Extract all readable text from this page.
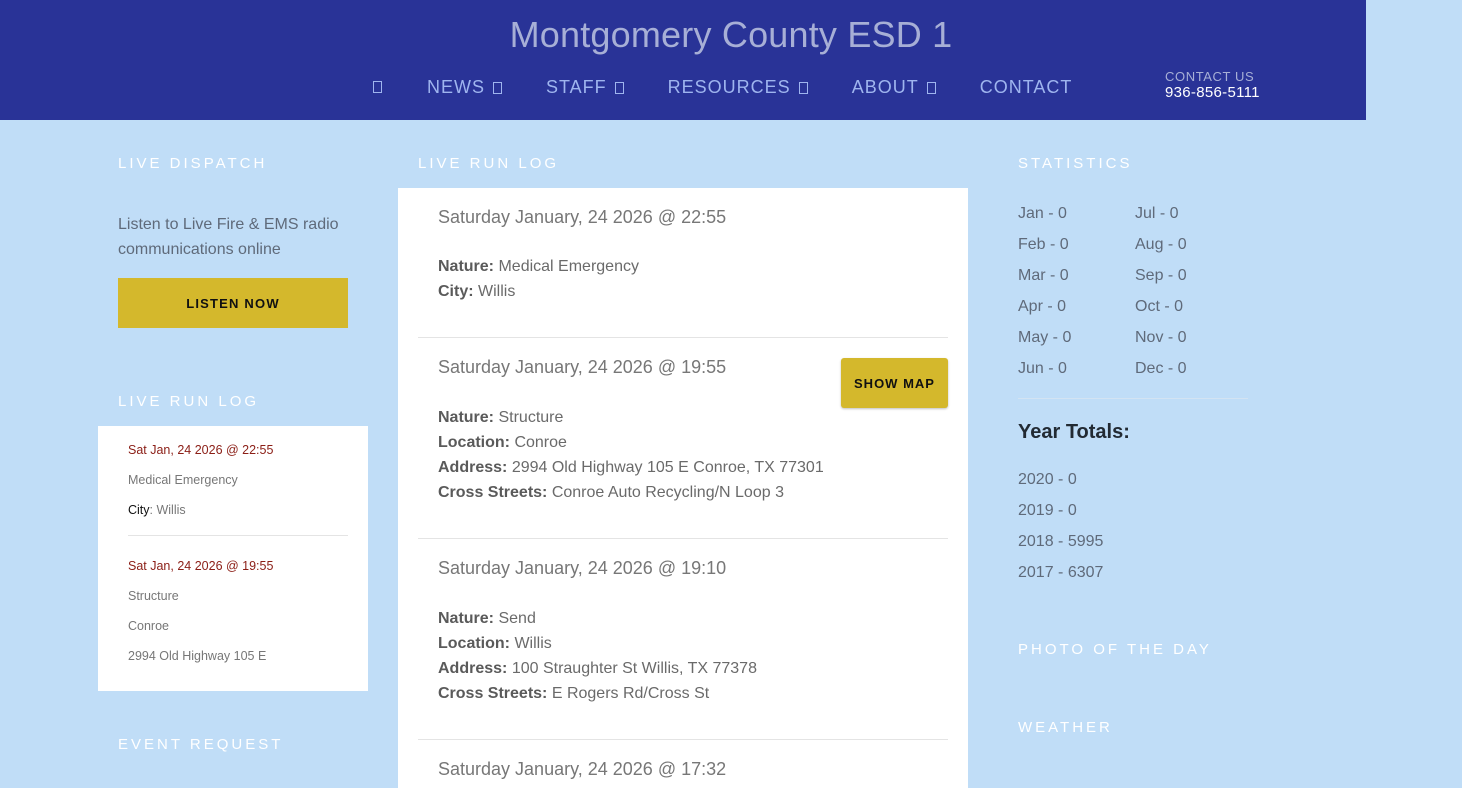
Montgomery County ESD 1
NEWS	STAFF	RESOURCES	ABOUT	CONTACT	CONTACT US
936-856-5111
LIVE DISPATCH
Listen to Live Fire & EMS radio communications online
LISTEN NOW
LIVE RUN LOG
Sat Jan, 24 2026 @ 22:55
Medical Emergency
City: Willis
Sat Jan, 24 2026 @ 19:55
Structure
Conroe
2994 Old Highway 105 E
EVENT REQUEST
LIVE RUN LOG
Saturday January, 24 2026 @ 22:55
Nature: Medical Emergency
City: Willis
Saturday January, 24 2026 @ 19:55
SHOW MAP
Nature: Structure
Location: Conroe
Address: 2994 Old Highway 105 E Conroe, TX 77301
Cross Streets: Conroe Auto Recycling/N Loop 3
Saturday January, 24 2026 @ 19:10
Nature: Send
Location: Willis
Address: 100 Straughter St Willis, TX 77378
Cross Streets: E Rogers Rd/Cross St
Saturday January, 24 2026 @ 17:32
STATISTICS
Jan - 0	Jul - 0
Feb - 0	Aug - 0
Mar - 0	Sep - 0
Apr - 0	Oct - 0
May - 0	Nov - 0
Jun - 0	Dec - 0
Year Totals:
2020 - 0
2019 - 0
2018 - 5995
2017 - 6307
PHOTO OF THE DAY
WEATHER
